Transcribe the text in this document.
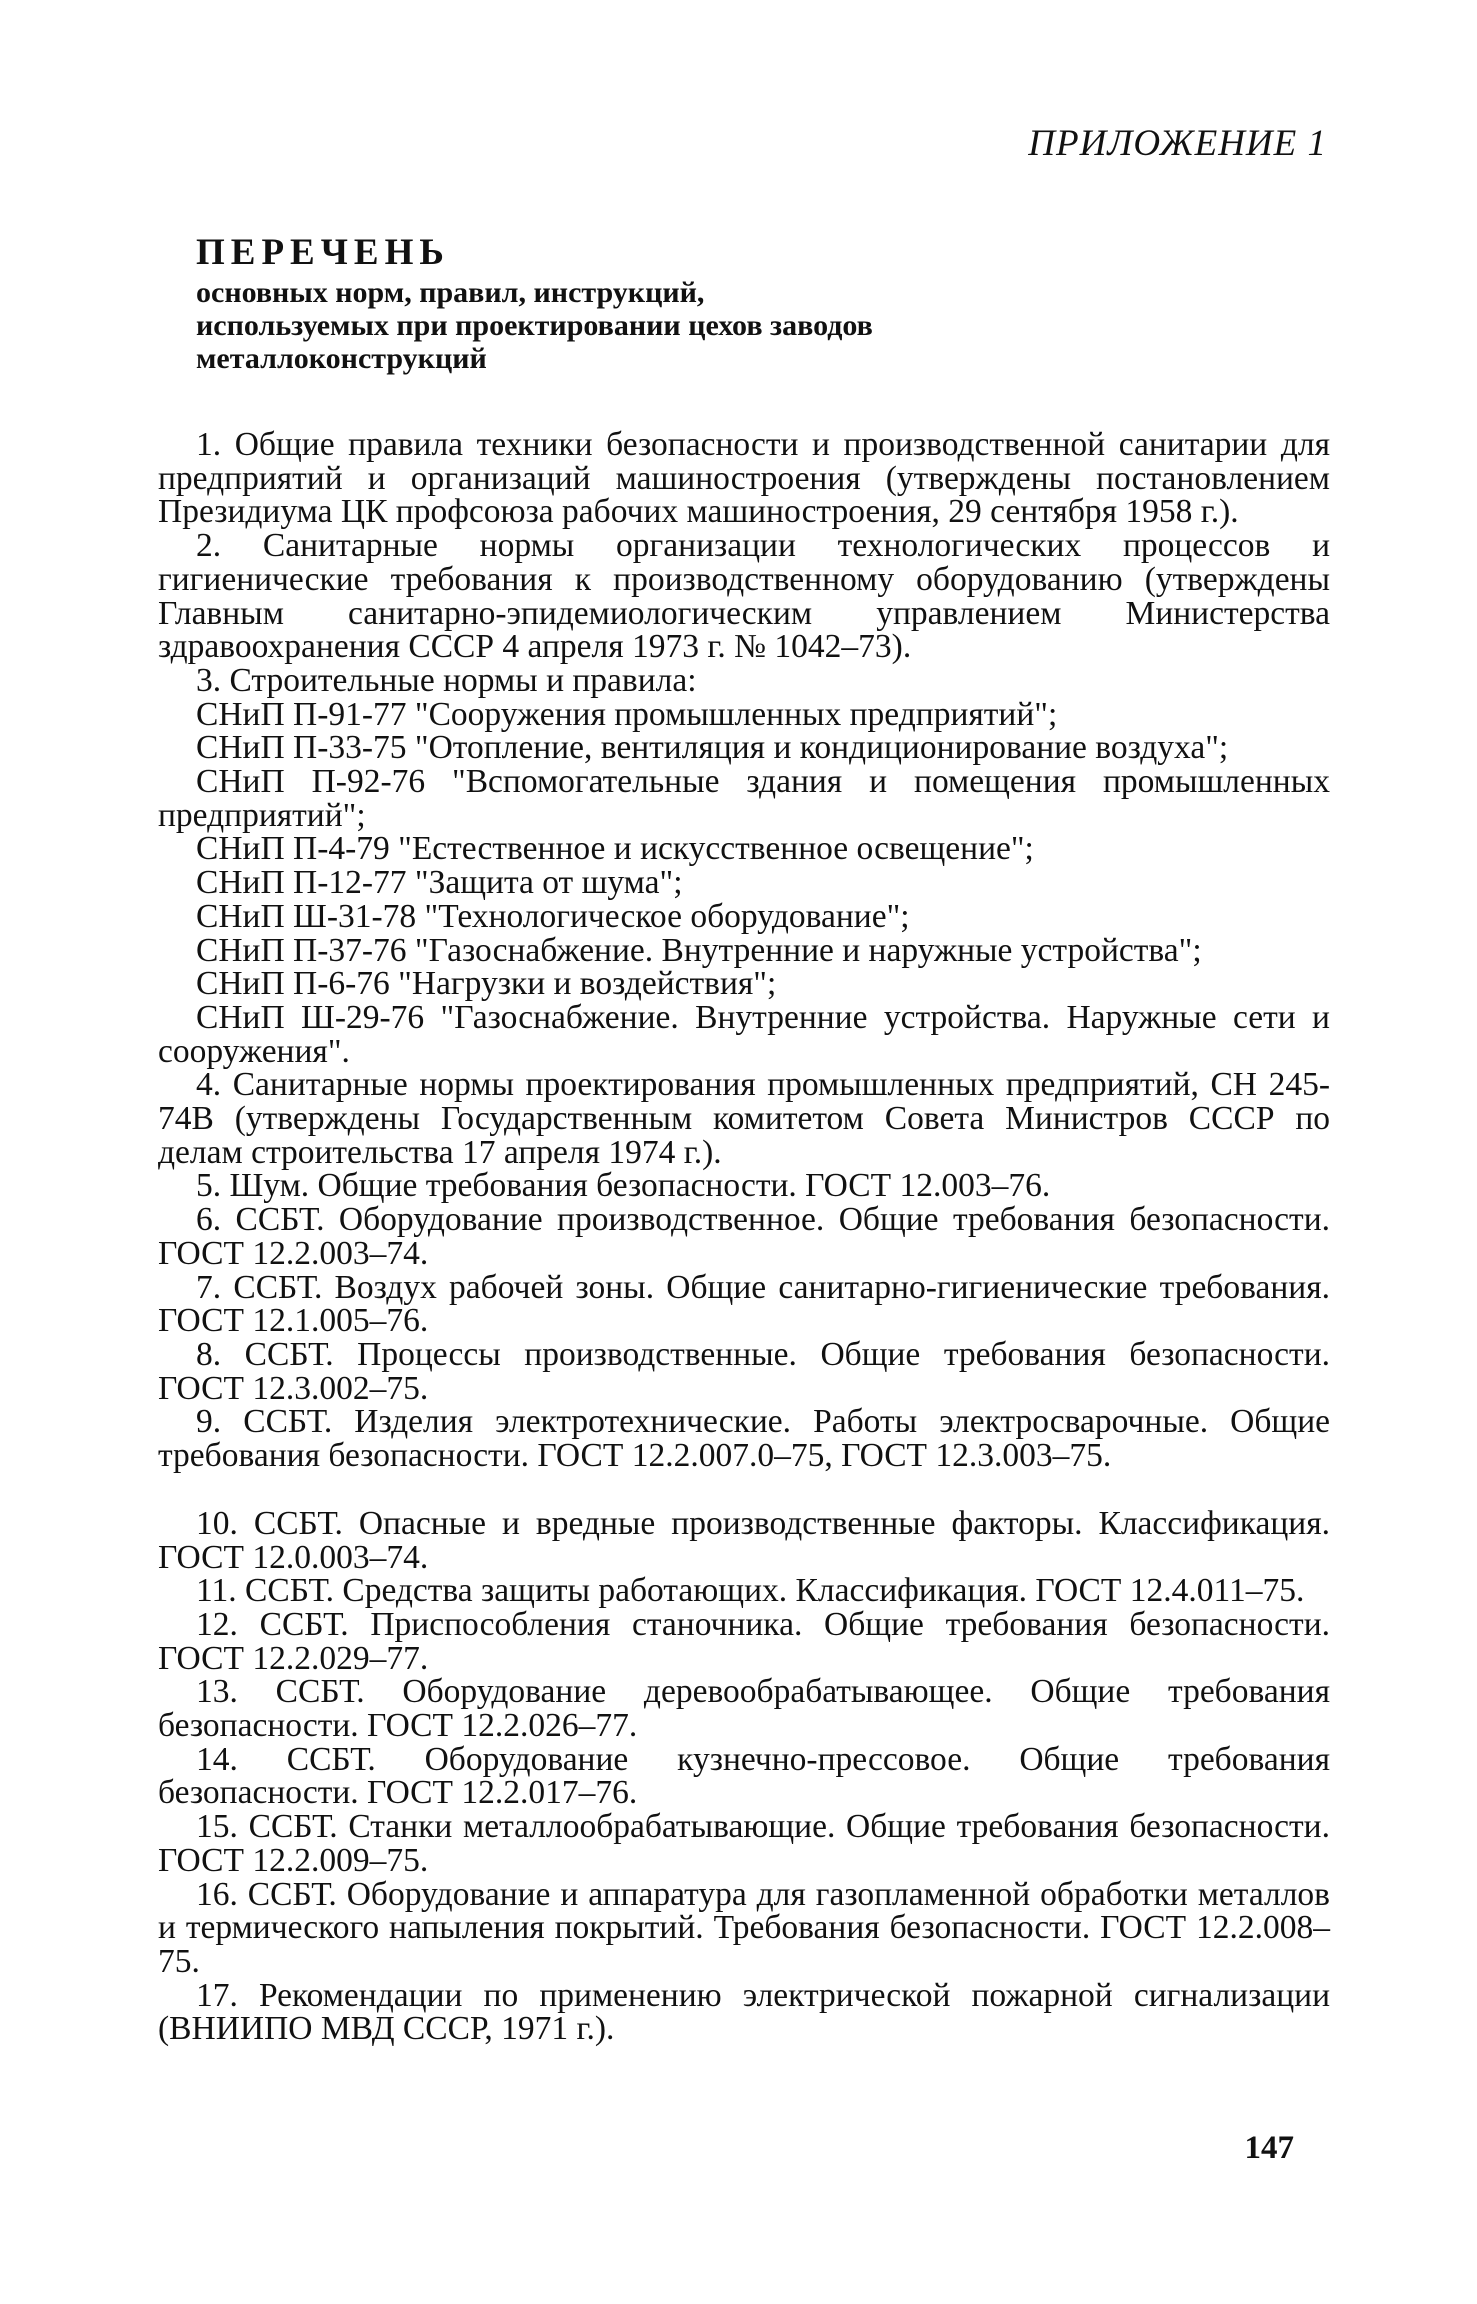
ПРИЛОЖЕНИЕ 1
ПЕРЕЧЕНЬ
основных норм, правил, инструкций,
используемых при проектировании цехов заводов
металлоконструкций

1. Общие правила техники безопасности и производственной санитарии для предприятий и организаций машиностроения (утверждены постановлением Президиума ЦК профсоюза рабочих машиностроения, 29 сентября 1958 г.).

2. Санитарные нормы организации технологических процессов и гигиенические требования к производственному оборудованию (утверждены Главным санитарно-эпидемиологическим управлением Министерства здравоохранения СССР 4 апреля 1973 г. № 1042–73).

3. Строительные нормы и правила:

СНиП П-91-77 "Сооружения промышленных предприятий";

СНиП П-33-75 "Отопление, вентиляция и кондиционирование воздуха";

СНиП П-92-76 "Вспомогательные здания и помещения промышленных предприятий";

СНиП П-4-79 "Естественное и искусственное освещение";

СНиП П-12-77 "Защита от шума";

СНиП Ш-31-78 "Технологическое оборудование";

СНиП П-37-76 "Газоснабжение. Внутренние и наружные устройства";

СНиП П-6-76 "Нагрузки и воздействия";

СНиП Ш-29-76 "Газоснабжение. Внутренние устройства. Наружные сети и сооружения".

4. Санитарные нормы проектирования промышленных предприятий, СН 245-74В (утверждены Государственным комитетом Совета Министров СССР по делам строительства 17 апреля 1974 г.).

5. Шум. Общие требования безопасности. ГОСТ 12.003–76.

6. ССБТ. Оборудование производственное. Общие требования безопасности. ГОСТ 12.2.003–74.

7. ССБТ. Воздух рабочей зоны. Общие санитарно-гигиенические требования. ГОСТ 12.1.005–76.

8. ССБТ. Процессы производственные. Общие требования безопасности. ГОСТ 12.3.002–75.

9. ССБТ. Изделия электротехнические. Работы электросварочные. Общие требования безопасности. ГОСТ 12.2.007.0–75, ГОСТ 12.3.003–75.

10. ССБТ. Опасные и вредные производственные факторы. Классификация. ГОСТ 12.0.003–74.

11. ССБТ. Средства защиты работающих. Классификация. ГОСТ 12.4.011–75.

12. ССБТ. Приспособления станочника. Общие требования безопасности. ГОСТ 12.2.029–77.

13. ССБТ. Оборудование деревообрабатывающее. Общие требования безопасности. ГОСТ 12.2.026–77.

14. ССБТ. Оборудование кузнечно-прессовое. Общие требования безопасности. ГОСТ 12.2.017–76.

15. ССБТ. Станки металлообрабатывающие. Общие требования безопасности. ГОСТ 12.2.009–75.

16. ССБТ. Оборудование и аппаратура для газопламенной обработки металлов и термического напыления покрытий. Требования безопасности. ГОСТ 12.2.008–75.

17. Рекомендации по применению электрической пожарной сигнализации (ВНИИПО МВД СССР, 1971 г.).

147
